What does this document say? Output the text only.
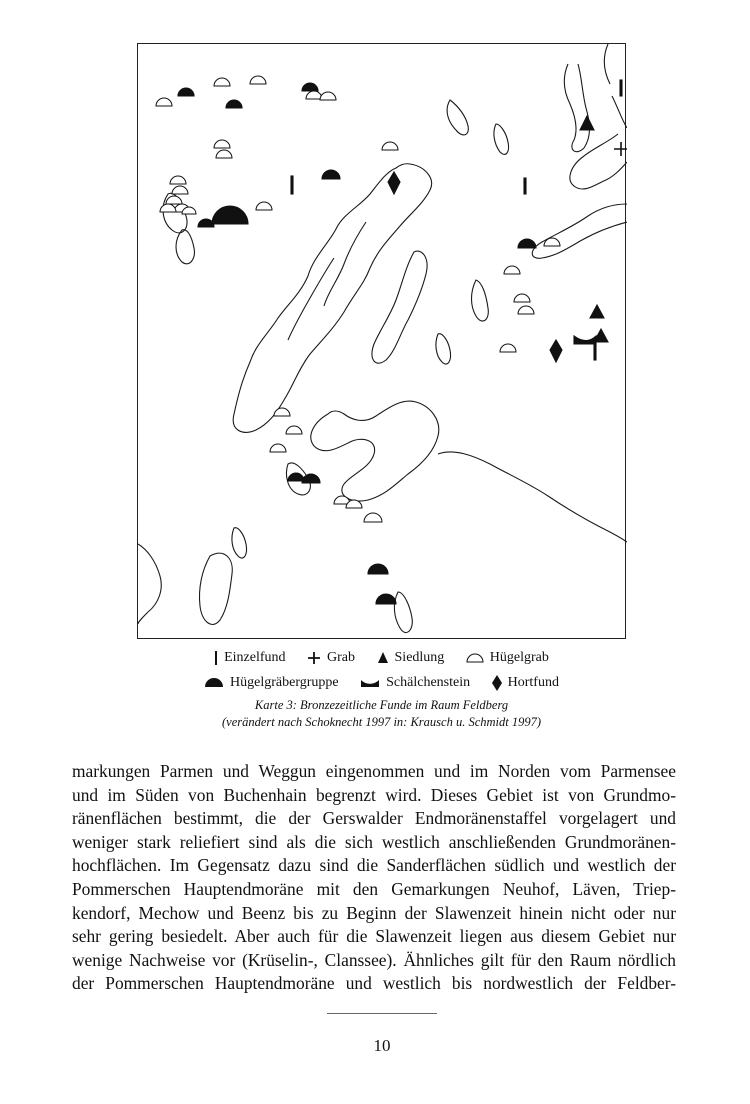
Einzelfund	Grab	Siedlung	Hügelgrab
Hügelgräbergruppe	Schälchenstein	Hortfund
Karte 3: Bronzezeitliche Funde im Raum Feldberg
(verändert nach Schoknecht 1997 in: Krausch u. Schmidt 1997)
markungen Parmen und Weggun eingenommen und im Norden vom Parmensee
und im Süden von Buchenhain begrenzt wird. Dieses Gebiet ist von Grundmo-
ränenflächen bestimmt, die der Gerswalder Endmoränenstaffel vorgelagert und
weniger stark reliefiert sind als die sich westlich anschließenden Grundmoränen-
hochflächen. Im Gegensatz dazu sind die Sanderflächen südlich und westlich der
Pommerschen Hauptendmoräne mit den Gemarkungen Neuhof, Läven, Triep-
kendorf, Mechow und Beenz bis zu Beginn der Slawenzeit hinein nicht oder nur
sehr gering besiedelt. Aber auch für die Slawenzeit liegen aus diesem Gebiet nur
wenige Nachweise vor (Krüselin-, Clanssee). Ähnliches gilt für den Raum nördlich
der Pommerschen Hauptendmoräne und westlich bis nordwestlich der Feldber-
10
